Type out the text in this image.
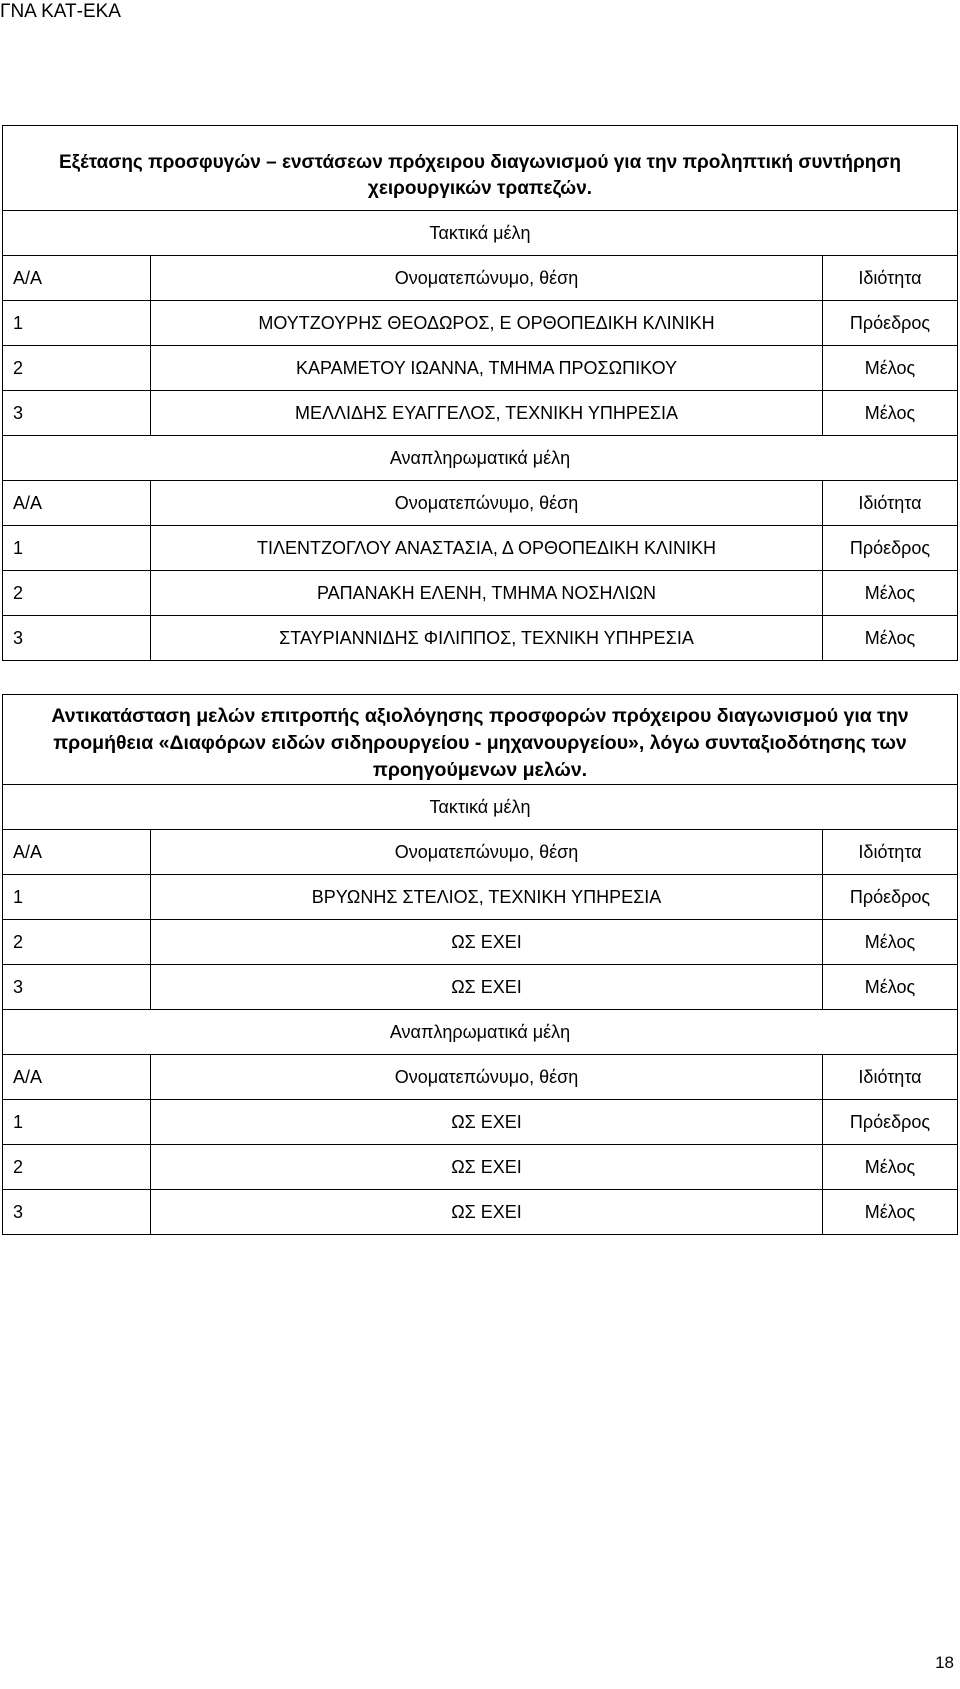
ΓΝΑ ΚΑΤ-ΕΚΑ
Εξέτασης προσφυγών – ενστάσεων πρόχειρου διαγωνισμού για την προληπτική συντήρηση χειρουργικών τραπεζών.		
Τακτικά μέλη		
Α/Α	Ονοματεπώνυμο, θέση	Ιδιότητα
1	ΜΟΥΤΖΟΥΡΗΣ ΘΕΟΔΩΡΟΣ, Ε ΟΡΘΟΠΕΔΙΚΗ ΚΛΙΝΙΚΗ	Πρόεδρος
2	ΚΑΡΑΜΕΤΟΥ ΙΩΑΝΝΑ, ΤΜΗΜΑ ΠΡΟΣΩΠΙΚΟΥ	Μέλος
3	ΜΕΛΛΙΔΗΣ ΕΥΑΓΓΕΛΟΣ, ΤΕΧΝΙΚΗ ΥΠΗΡΕΣΙΑ	Μέλος
Αναπληρωματικά μέλη		
Α/Α	Ονοματεπώνυμο, θέση	Ιδιότητα
1	ΤΙΛΕΝΤΖΟΓΛΟΥ ΑΝΑΣΤΑΣΙΑ, Δ ΟΡΘΟΠΕΔΙΚΗ ΚΛΙΝΙΚΗ	Πρόεδρος
2	ΡΑΠΑΝΑΚΗ ΕΛΕΝΗ, ΤΜΗΜΑ ΝΟΣΗΛΙΩΝ	Μέλος
3	ΣΤΑΥΡΙΑΝΝΙΔΗΣ ΦΙΛΙΠΠΟΣ, ΤΕΧΝΙΚΗ ΥΠΗΡΕΣΙΑ	Μέλος
Αντικατάσταση μελών επιτροπής αξιολόγησης προσφορών πρόχειρου διαγωνισμού για την προμήθεια «Διαφόρων ειδών σιδηρουργείου - μηχανουργείου», λόγω συνταξιοδότησης των προηγούμενων μελών.		
Τακτικά μέλη		
Α/Α	Ονοματεπώνυμο, θέση	Ιδιότητα
1	ΒΡΥΩΝΗΣ ΣΤΕΛΙΟΣ, ΤΕΧΝΙΚΗ ΥΠΗΡΕΣΙΑ	Πρόεδρος
2	ΩΣ ΕΧΕΙ	Μέλος
3	ΩΣ ΕΧΕΙ	Μέλος
Αναπληρωματικά μέλη		
Α/Α	Ονοματεπώνυμο, θέση	Ιδιότητα
1	ΩΣ ΕΧΕΙ	Πρόεδρος
2	ΩΣ ΕΧΕΙ	Μέλος
3	ΩΣ ΕΧΕΙ	Μέλος
18
